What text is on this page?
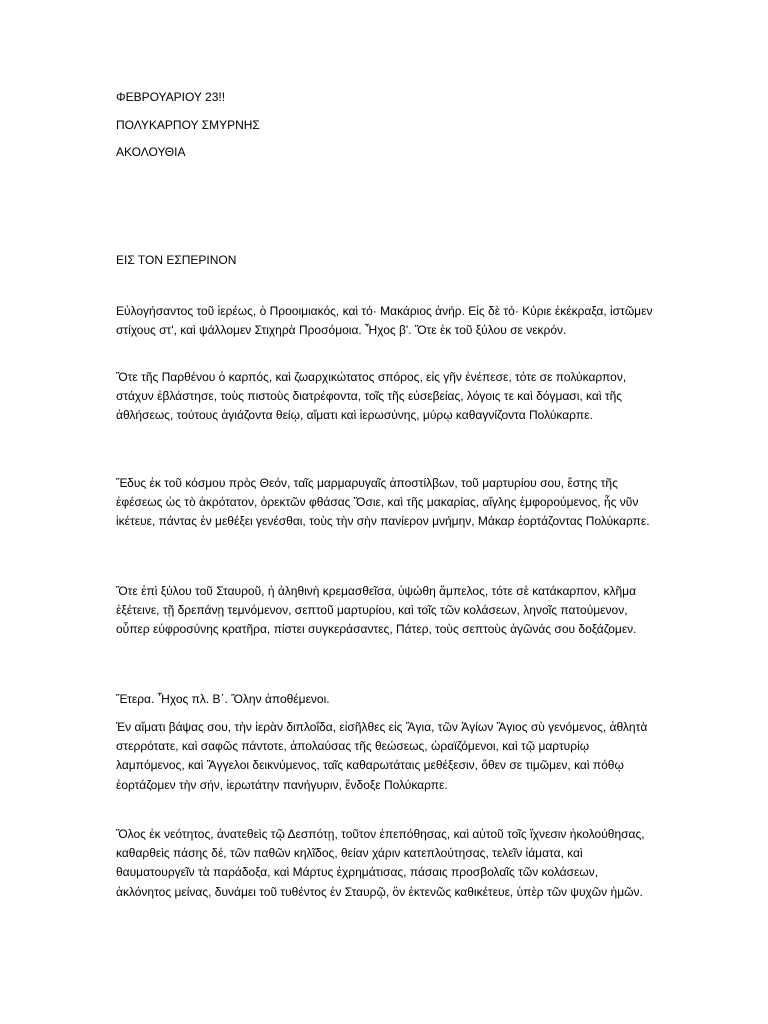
ΦΕΒΡΟΥΑΡΙΟΥ 23!!
ΠΟΛΥΚΑΡΠΟΥ ΣΜΥΡΝΗΣ
ΑΚΟΛΟΥΘΙΑ
ΕΙΣ ΤΟΝ ΕΣΠΕΡΙΝΟΝ

Εὐλογήσαντος τοῦ ἱερέως, ὁ Προοιμιακός, καὶ τό· Μακάριος ἀνήρ. Εἰς δὲ τό· Κύριε ἐκέκραξα, ἱστῶμεν στίχους στ', καὶ ψάλλομεν Στιχηρὰ Προσόμοια. Ἦχος β'. Ὅτε ἐκ τοῦ ξύλου σε νεκρόν.

Ὅτε τῆς Παρθένου ὁ καρπός, καὶ ζωαρχικώτατος σπόρος, εἰς γῆν ἐνέπεσε, τότε σε πολύκαρπον, στάχυν ἐβλάστησε, τοὺς πιστοὺς διατρέφοντα, τοῖς τῆς εὐσεβείας, λόγοις τε καὶ δόγμασι, καὶ τῆς ἀθλήσεως, τούτους ἁγιάζοντα θείῳ, αἵματι καὶ ἱερωσύνης, μύρῳ καθαγνίζοντα Πολύκαρπε.

Ἔδυς ἐκ τοῦ κόσμου πρὸς Θεόν, ταῖς μαρμαρυγαῖς ἀποστίλβων, τοῦ μαρτυρίου σου, ἔστης τῆς ἐφέσεως ὡς τὸ ἀκρότατον, ὀρεκτῶν φθάσας Ὅσιε, καὶ τῆς μακαρίας, αἴγλης ἐμφορούμενος, ἧς νῦν ἱκέτευε, πάντας ἐν μεθέξει γενέσθαι, τοὺς τὴν σὴν πανίερον μνήμην, Μάκαρ ἑορτάζοντας Πολύκαρπε.

Ὅτε ἐπὶ ξύλου τοῦ Σταυροῦ, ἡ ἀληθινὴ κρεμασθεῖσα, ὑψώθη ἄμπελος, τότε σὲ κατάκαρπον, κλῆμα ἐξέτεινε, τῇ δρεπάνῃ τεμνόμενον, σεπτοῦ μαρτυρίου, καὶ τοῖς τῶν κολάσεων, ληνοῖς πατούμενον, οὗπερ εὐφροσύνης κρατῆρα, πίστει συγκεράσαντες, Πάτερ, τοὺς σεπτοὺς ἀγῶνάς σου δοξάζομεν.

Ἕτερα. Ἦχος πλ. Β΄. Ὅλην ἀποθέμενοι.

Ἐν αἵματι βάψας σου, τὴν ἱερὰν διπλοΐδα, εἰσῆλθες εἰς Ἅγια, τῶν Ἁγίων Ἅγιος σὺ γενόμενος, ἀθλητὰ στερρότατε, καὶ σαφῶς πάντοτε, ἀπολαύσας τῆς θεώσεως, ὡραϊζόμενοι, καὶ τῷ μαρτυρίῳ λαμπόμενος, καὶ Ἄγγελοι δεικνύμενος, ταῖς καθαρωτάταις μεθέξεσιν, ὅθεν σε τιμῶμεν, καὶ πόθῳ ἑορτάζομεν τὴν σήν, ἱερωτάτην πανήγυριν, ἔνδοξε Πολύκαρπε.

Ὅλος ἐκ νεότητος, ἀνατεθεὶς τῷ Δεσπότῃ, τοῦτον ἐπεπόθησας, καὶ αὐτοῦ τοῖς ἴχνεσιν ἠκολούθησας, καθαρθεὶς πάσης δέ, τῶν παθῶν κηλῖδος, θείαν χάριν κατεπλούτησας, τελεῖν ἰάματα, καὶ θαυματουργεῖν τὰ παράδοξα, καὶ Μάρτυς ἐχρημάτισας, πάσαις προσβολαῖς τῶν κολάσεων, ἀκλόνητος μείνας, δυνάμει τοῦ τυθέντος ἐν Σταυρῷ, ὃν ἐκτενῶς καθικέτευε, ὑπὲρ τῶν ψυχῶν ἡμῶν.
